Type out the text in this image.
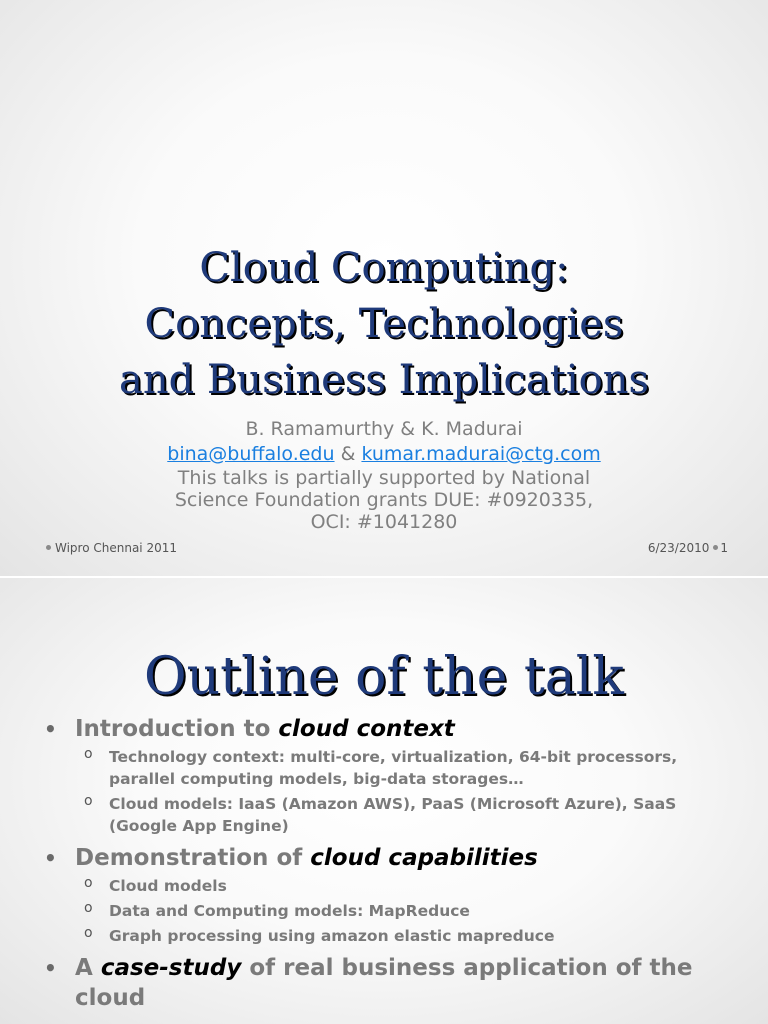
Cloud Computing:
Concepts, Technologies
and Business Implications
B. Ramamurthy & K. Madurai
bina@buffalo.edu & kumar.madurai@ctg.com
This talks is partially supported by National
Science Foundation grants DUE: #0920335,
OCI: #1041280
Wipro Chennai 2011	6/23/2010 1
Outline of the talk
• Introduction to cloud context
o Technology context: multi-core, virtualization, 64-bit processors, parallel computing models, big-data storages…
o Cloud models: IaaS (Amazon AWS), PaaS (Microsoft Azure), SaaS (Google App Engine)
• Demonstration of cloud capabilities
o Cloud models
o Data and Computing models: MapReduce
o Graph processing using amazon elastic mapreduce
• A case-study of real business application of the cloud
